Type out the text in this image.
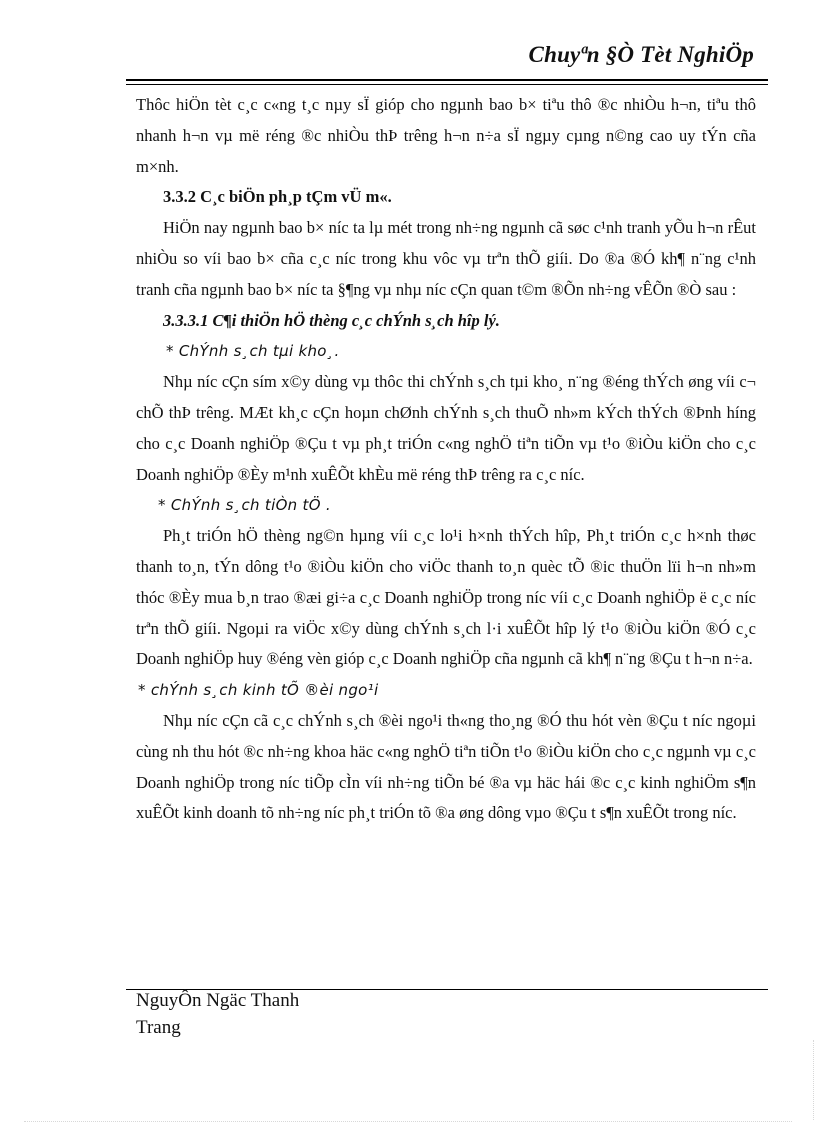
Chuyªn §Ò Tèt NghiÖp

Thôc hiÖn tèt c¸c c«ng t¸c nµy sÏ gióp cho ngµnh bao b× tiªu thô ®c nhiÒu h¬n, tiªu thô nhanh h¬n vµ më réng ®c nhiÒu thÞ trêng h¬n n÷a sÏ ngµy cµng n©ng cao uy tÝn cña m×nh.

3.3.2 C¸c biÖn ph¸p tÇm vÜ m«.

HiÖn nay ngµnh bao b× níc ta lµ mét trong nh÷ng ngµnh cã søc c¹nh tranh yÕu h¬n rÊut nhiÒu so víi bao b× cña c¸c níc trong khu vôc vµ trªn thÕ giíi. Do ®a ®Ó kh¶ n¨ng c¹nh tranh cña ngµnh bao b× níc ta §¶ng vµ nhµ níc cÇn quan t©m ®Õn nh÷ng vÊÕn ®Ò sau :

3.3.3.1 C¶i thiÖn hÖ thèng c¸c chÝnh s¸ch hîp lý.

* ChÝnh s¸ch tµi kho¸.

Nhµ níc cÇn sím x©y dùng vµ thôc thi chÝnh s¸ch tµi kho¸ n¨ng ®éng thÝch øng víi c¬ chÕ thÞ trêng. MÆt kh¸c cÇn hoµn chØnh chÝnh s¸ch thuÕ nh»m kÝch thÝch ®Þnh híng cho c¸c Doanh nghiÖp ®Çu t vµ ph¸t triÓn c«ng nghÖ tiªn tiÕn vµ t¹o ®iÒu kiÖn cho c¸c Doanh nghiÖp ®Èy m¹nh xuÊÕt khÈu më réng thÞ trêng ra c¸c níc.

* ChÝnh s¸ch tiÒn tÖ .

Ph¸t triÓn hÖ thèng ng©n hµng víi c¸c lo¹i h×nh thÝch hîp, Ph¸t triÓn c¸c h×nh thøc thanh to¸n, tÝn dông t¹o ®iÒu kiÖn cho viÖc thanh to¸n quèc tÕ ®ic thuÖn lïi h¬n nh»m thóc ®Èy mua b¸n trao ®æi gi÷a c¸c Doanh nghiÖp trong níc víi c¸c Doanh nghiÖp ë c¸c níc trªn thÕ giíi. Ngoµi ra viÖc x©y dùng chÝnh s¸ch l·i xuÊÕt hîp lý t¹o ®iÒu kiÖn ®Ó c¸c Doanh nghiÖp huy ®éng vèn gióp c¸c Doanh nghiÖp cña ngµnh cã kh¶ n¨ng ®Çu t h¬n n÷a.

* chÝnh s¸ch kinh tÕ ®èi ngo¹i

Nhµ níc cÇn cã c¸c chÝnh s¸ch ®èi ngo¹i th«ng tho¸ng ®Ó thu hót vèn ®Çu t níc ngoµi cùng nh thu hót ®c nh÷ng khoa häc c«ng nghÖ tiªn tiÕn t¹o ®iÒu kiÖn cho c¸c ngµnh vµ c¸c Doanh nghiÖp trong níc tiÕp cÌn víi nh÷ng tiÕn bé ®a vµ häc hái ®c c¸c kinh nghiÖm s¶n xuÊÕt kinh doanh tõ nh÷ng níc ph¸t triÓn tõ ®a øng dông vµo ®Çu t s¶n xuÊÕt trong níc.

NguyÔn Ngäc Thanh
Trang
